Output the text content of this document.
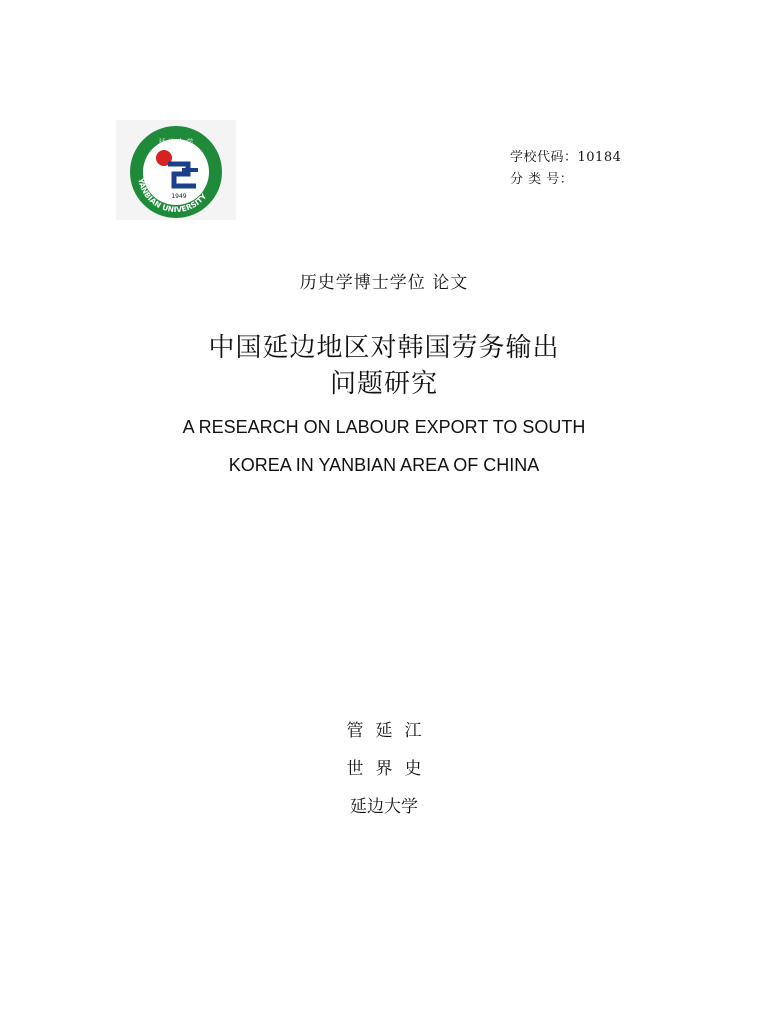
YANBIAN UNIVERSITY
延 边 大 学
1949
学校代码：10184
分 类 号：
历史学博士学位 论文
中国延边地区对韩国劳务输出
问题研究
A RESEARCH ON LABOUR EXPORT TO SOUTH
KOREA IN YANBIAN AREA OF CHINA
管延江
世界史
延边大学
